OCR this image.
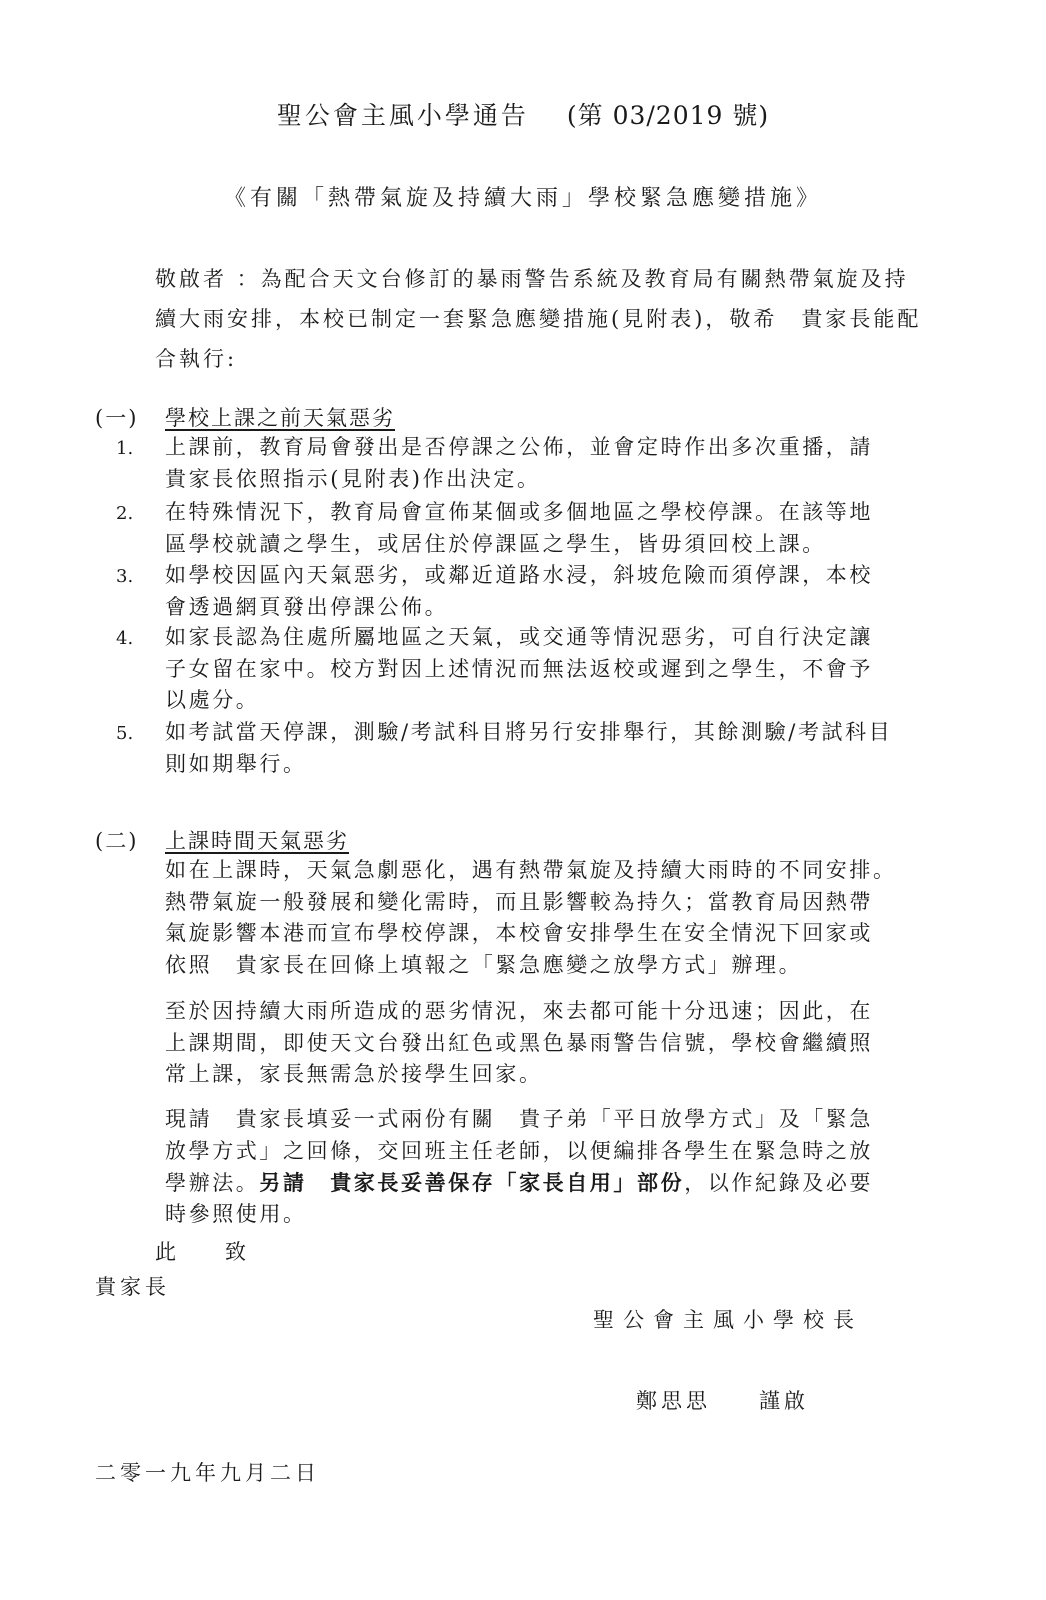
聖公會主風小學通告 (第 03/2019 號)
《有關「熱帶氣旋及持續大雨」學校緊急應變措施》
敬啟者 ：為配合天文台修訂的暴雨警告系統及教育局有關熱帶氣旋及持
續大雨安排，本校已制定一套緊急應變措施(見附表)，敬希　貴家長能配
合執行:
(一) 學校上課之前天氣惡劣
1. 上課前，教育局會發出是否停課之公佈，並會定時作出多次重播，請
貴家長依照指示(見附表)作出決定。
2. 在特殊情況下，教育局會宣佈某個或多個地區之學校停課。在該等地
區學校就讀之學生，或居住於停課區之學生，皆毋須回校上課。
3. 如學校因區內天氣惡劣，或鄰近道路水浸，斜坡危險而須停課，本校
會透過網頁發出停課公佈。
4. 如家長認為住處所屬地區之天氣，或交通等情況惡劣，可自行決定讓
子女留在家中。校方對因上述情況而無法返校或遲到之學生，不會予
以處分。
5. 如考試當天停課，測驗/考試科目將另行安排舉行，其餘測驗/考試科目
則如期舉行。
(二) 上課時間天氣惡劣
如在上課時，天氣急劇惡化，遇有熱帶氣旋及持續大雨時的不同安排。
熱帶氣旋一般發展和變化需時，而且影響較為持久；當教育局因熱帶
氣旋影響本港而宣布學校停課，本校會安排學生在安全情況下回家或
依照　貴家長在回條上填報之「緊急應變之放學方式」辦理。
至於因持續大雨所造成的惡劣情況，來去都可能十分迅速；因此，在
上課期間，即使天文台發出紅色或黑色暴雨警告信號，學校會繼續照
常上課，家長無需急於接學生回家。
現請　貴家長填妥一式兩份有關　貴子弟「平日放學方式」及「緊急
放學方式」之回條，交回班主任老師，以便編排各學生在緊急時之放
學辦法。另請　貴家長妥善保存「家長自用」部份，以作紀錄及必要
時參照使用。
此　致
貴家長
聖公會主風小學校長
鄭思思 謹啟
二零一九年九月二日
